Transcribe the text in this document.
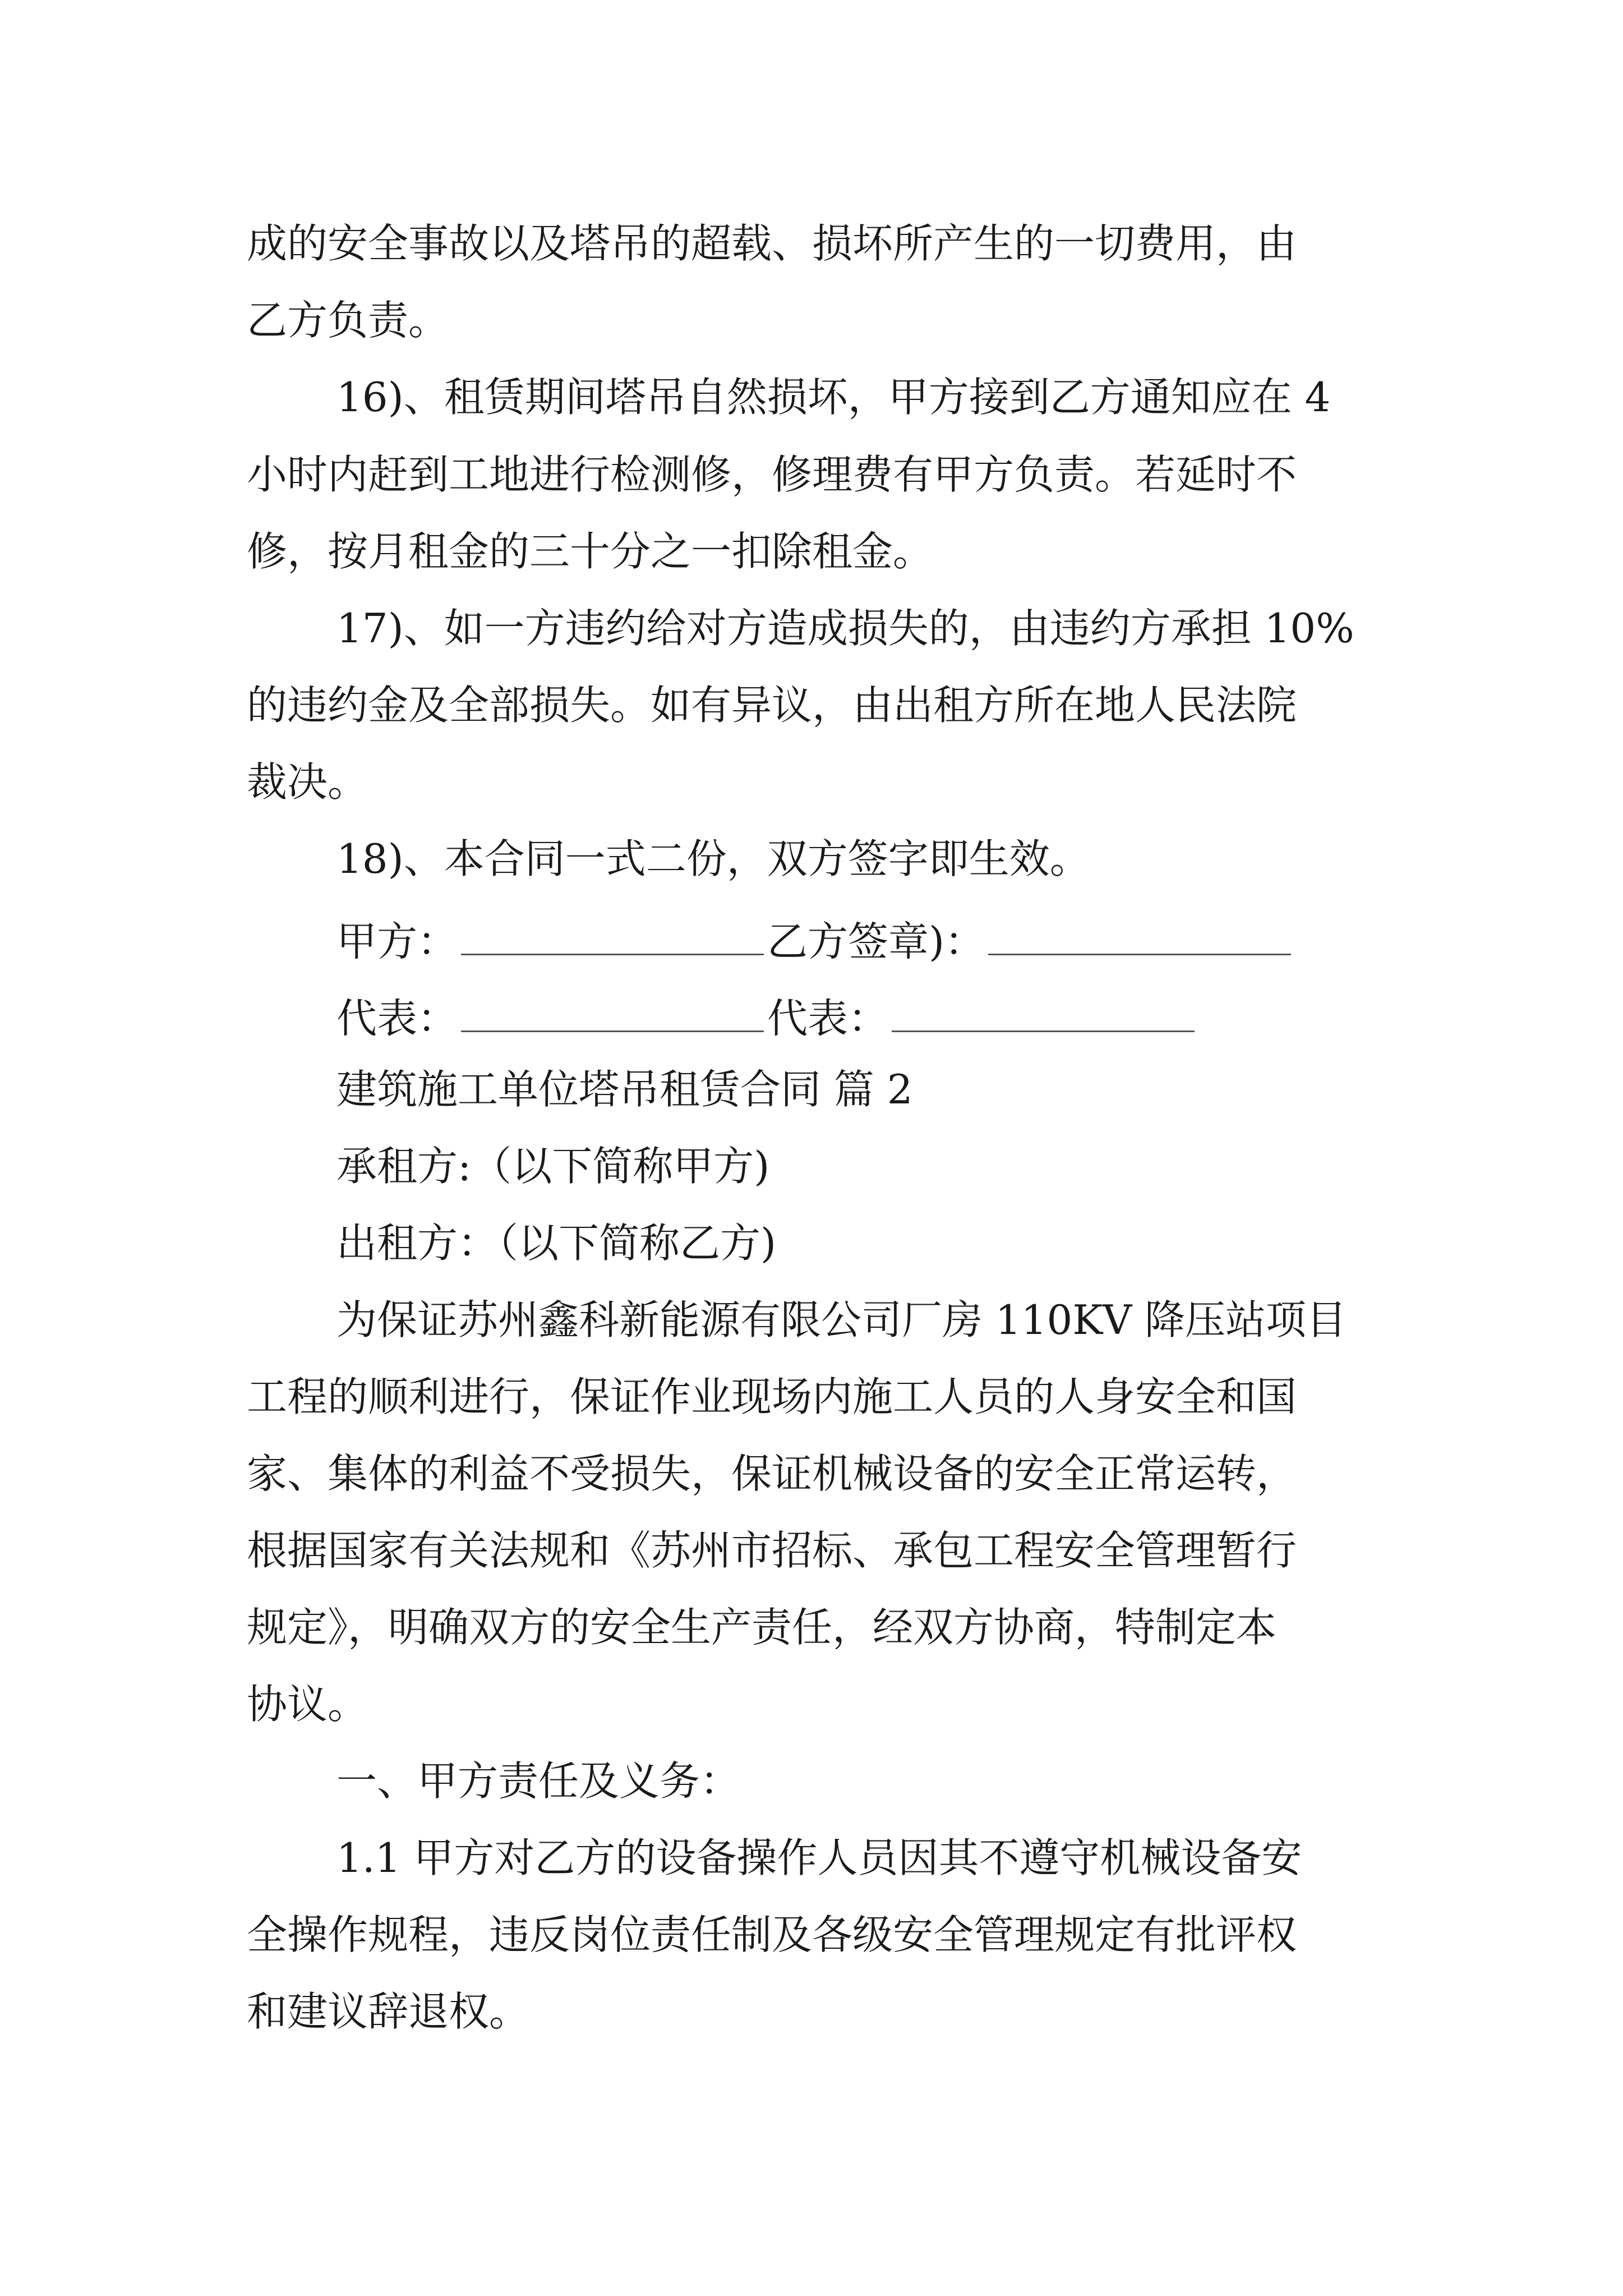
成的安全事故以及塔吊的超载、损坏所产生的一切费用，由
乙方负责。
16)、租赁期间塔吊自然损坏，甲方接到乙方通知应在 4
小时内赶到工地进行检测修，修理费有甲方负责。若延时不
修，按月租金的三十分之一扣除租金。
17)、如一方违约给对方造成损失的，由违约方承担 10%
的违约金及全部损失。如有异议，由出租方所在地人民法院
裁决。
18)、本合同一式二份，双方签字即生效。
甲方：	乙方签章)：
代表：	代表：
建筑施工单位塔吊租赁合同 篇 2
承租方:（以下简称甲方)
出租方：（以下简称乙方)
为保证苏州鑫科新能源有限公司厂房 110KV 降压站项目
工程的顺利进行，保证作业现场内施工人员的人身安全和国
家、集体的利益不受损失，保证机械设备的安全正常运转，
根据国家有关法规和《苏州市招标、承包工程安全管理暂行
规定》，明确双方的安全生产责任，经双方协商，特制定本
协议。
一、甲方责任及义务：
1.1 甲方对乙方的设备操作人员因其不遵守机械设备安
全操作规程，违反岗位责任制及各级安全管理规定有批评权
和建议辞退权。
